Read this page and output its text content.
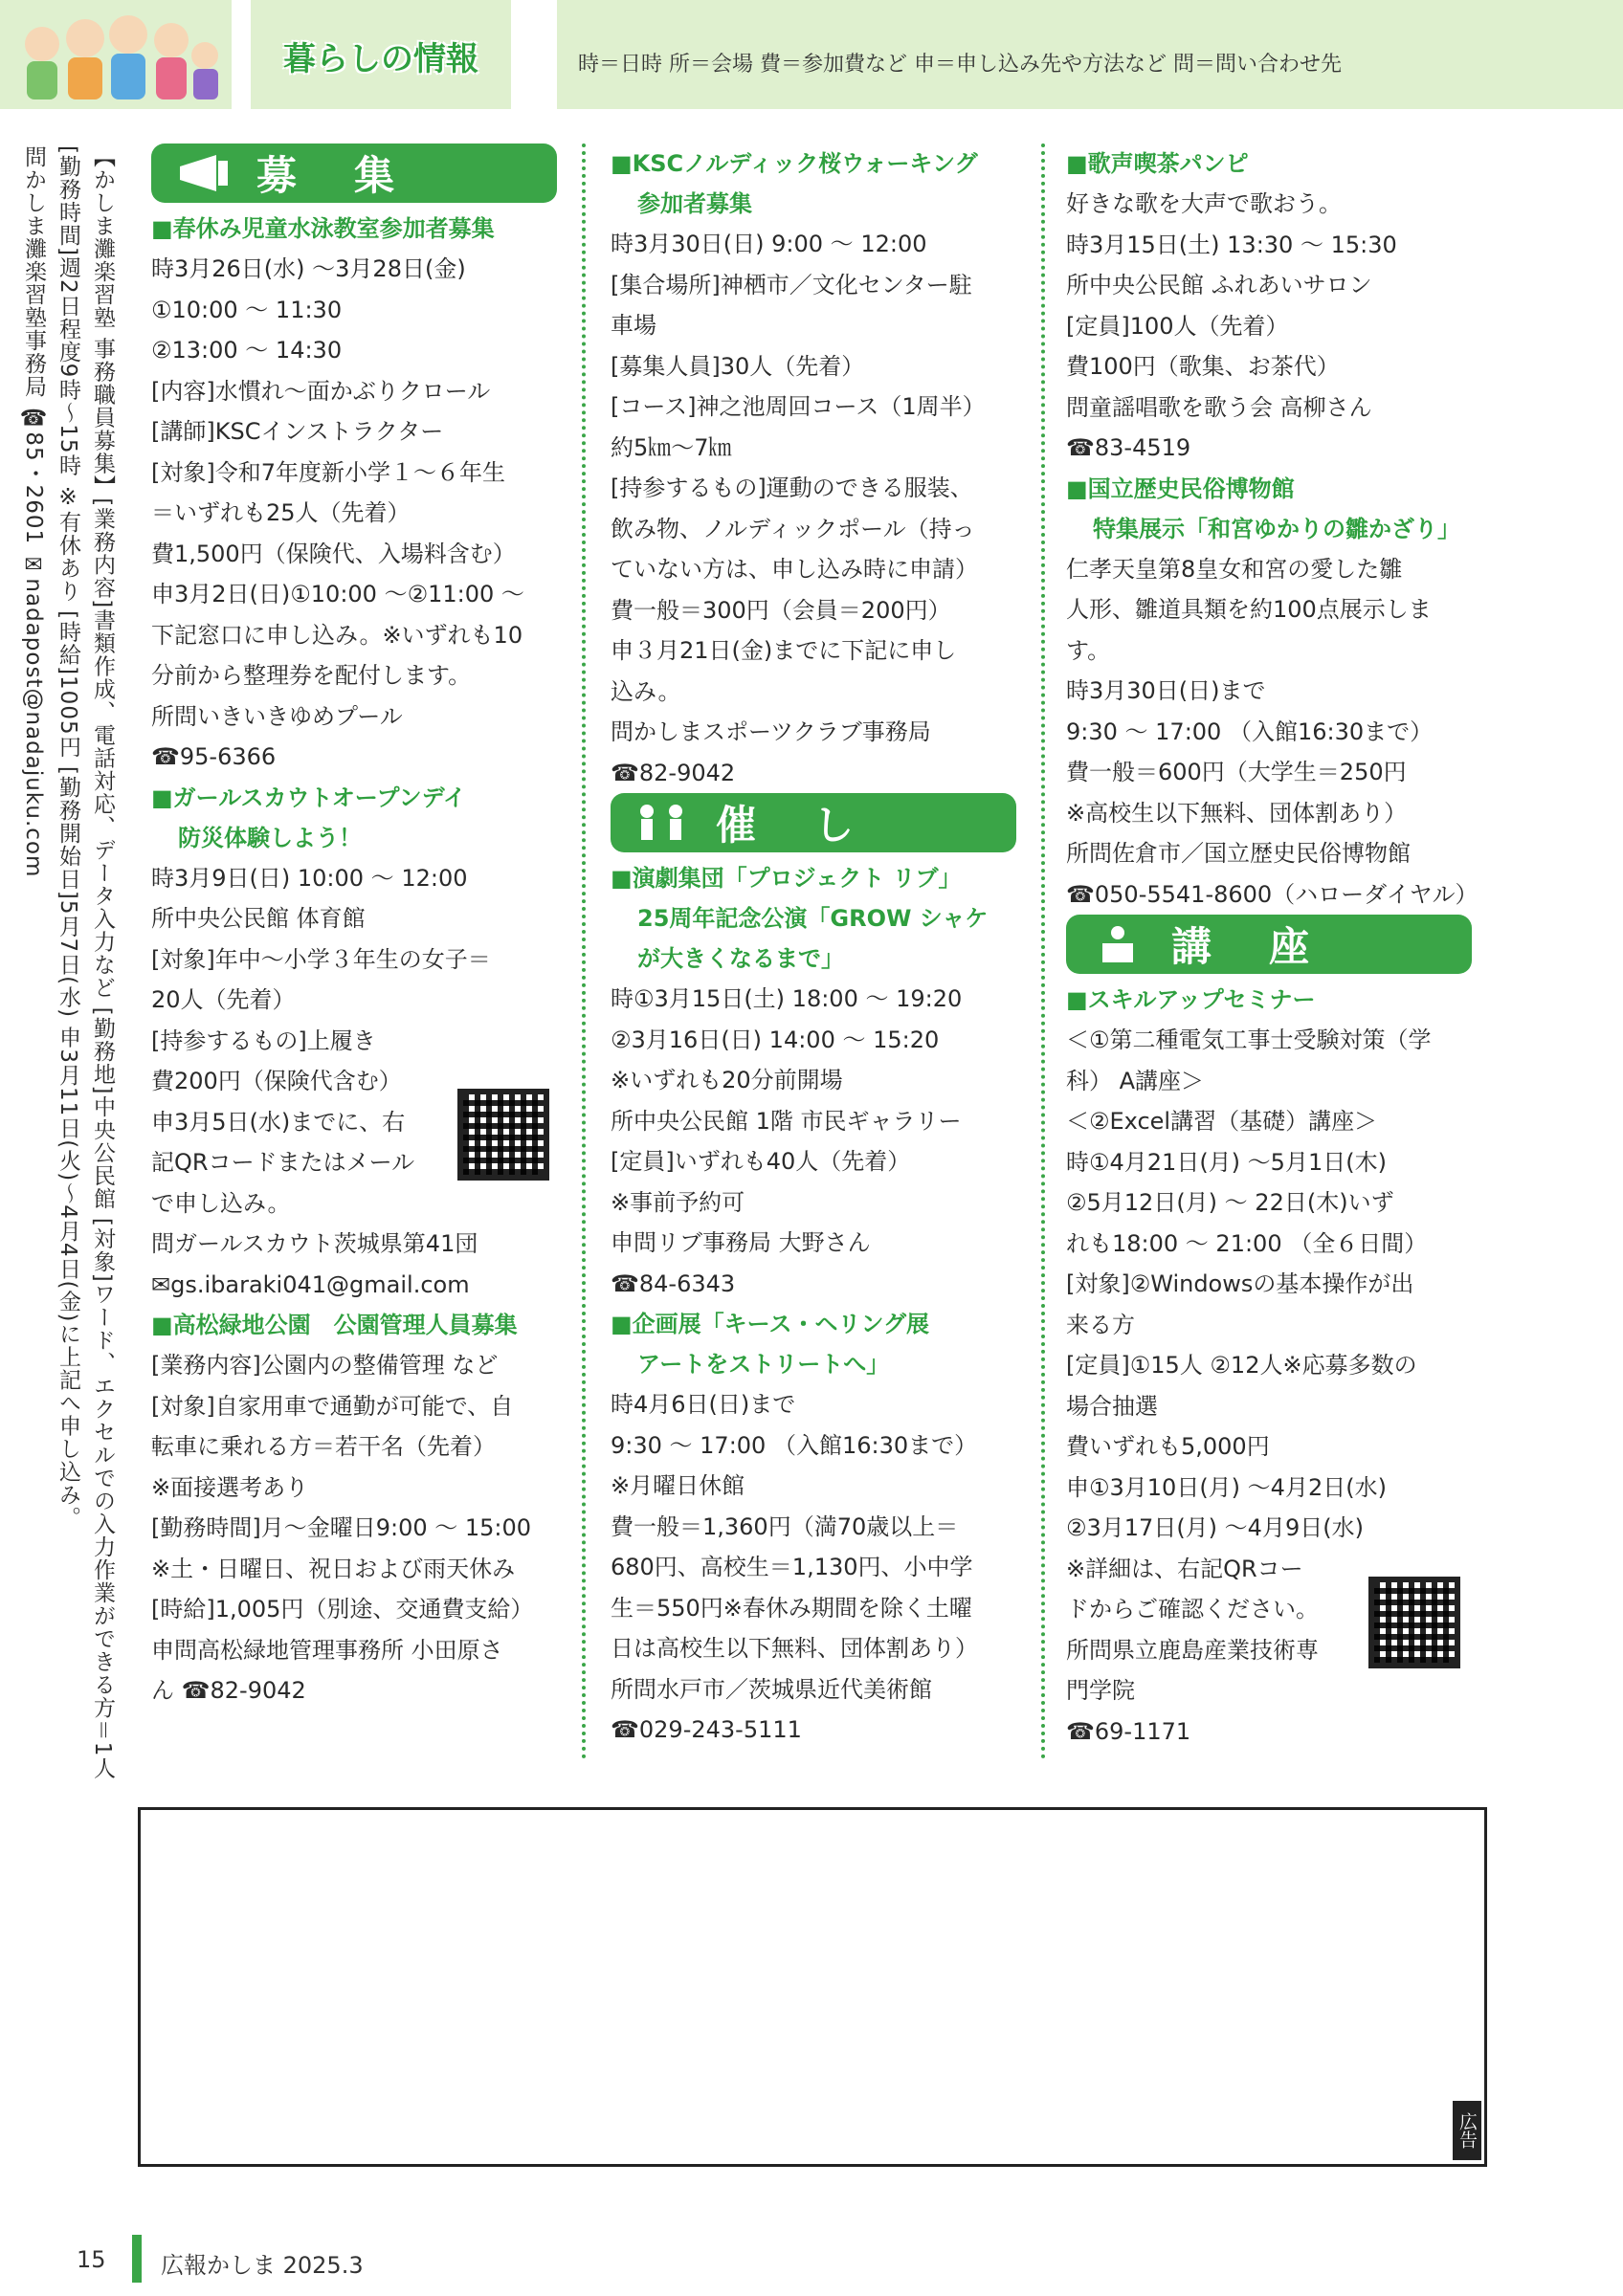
暮らしの情報	時＝日時 所＝会場 費＝参加費など 申＝申し込み先や方法など 問＝問い合わせ先
問かしま灘楽習塾事務局 ☎85・2601 ✉nadapost@nadajuku.com [勤務時間]週2日程度9時〜15時 ※有休あり [時給]1005円 [勤務開始日]5月7日(水) 申3月11日(火)〜4月4日(金)に上記へ申し込み。 【かしま灘楽習塾 事務職員募集】[業務内容]書類作成、電話対応、データ入力など [勤務地]中央公民館 [対象]ワード、エクセルでの入力作業ができる方＝1人	募集
■春休み児童水泳教室参加者募集

時3月26日(水) 〜3月28日(金)

①10:00 〜 11:30

②13:00 〜 14:30

[内容]水慣れ〜面かぶりクロール

[講師]KSCインストラクター

[対象]令和7年度新小学１〜６年生

＝いずれも25人（先着）

費1,500円（保険代、入場料含む）

申3月2日(日)①10:00 〜②11:00 〜

下記窓口に申し込み。※いずれも10

分前から整理券を配付します。

所問いきいきゆめプール

☎95-6366

■ガールスカウトオープンデイ
防災体験しよう！

時3月9日(日) 10:00 〜 12:00

所中央公民館 体育館

[対象]年中〜小学３年生の女子＝

20人（先着）

[持参するもの]上履き

費200円（保険代含む）

申3月5日(水)までに、右

記QRコードまたはメール

で申し込み。

問ガールスカウト茨城県第41団

✉gs.ibaraki041@gmail.com

■高松緑地公園　公園管理人員募集

[業務内容]公園内の整備管理 など

[対象]自家用車で通勤が可能で、自

転車に乗れる方＝若干名（先着）

※面接選考あり

[勤務時間]月〜金曜日9:00 〜 15:00

※土・日曜日、祝日および雨天休み

[時給]1,005円（別途、交通費支給）

申問高松緑地管理事務所 小田原さ

ん ☎82-9042

■KSCノルディック桜ウォーキング
参加者募集

時3月30日(日) 9:00 〜 12:00

[集合場所]神栖市／文化センター駐

車場

[募集人員]30人（先着）

[コース]神之池周回コース（1周半）

約5㎞〜7㎞

[持参するもの]運動のできる服装、

飲み物、ノルディックポール（持っ

ていない方は、申し込み時に申請）

費一般＝300円（会員＝200円）

申３月21日(金)までに下記に申し

込み。

問かしまスポーツクラブ事務局

☎82-9042

催し
■演劇集団「プロジェクト リブ」
25周年記念公演「GROW シャケ
が大きくなるまで」

時①3月15日(土) 18:00 〜 19:20

②3月16日(日) 14:00 〜 15:20

※いずれも20分前開場

所中央公民館 1階 市民ギャラリー

[定員]いずれも40人（先着）

※事前予約可

申問リブ事務局 大野さん

☎84-6343

■企画展「キース・ヘリング展
アートをストリートへ」

時4月6日(日)まで

9:30 〜 17:00 （入館16:30まで）

※月曜日休館

費一般＝1,360円（満70歳以上＝

680円、高校生＝1,130円、小中学

生＝550円※春休み期間を除く土曜

日は高校生以下無料、団体割あり）

所問水戸市／茨城県近代美術館

☎029-243-5111

■歌声喫茶パンピ

好きな歌を大声で歌おう。

時3月15日(土) 13:30 〜 15:30

所中央公民館 ふれあいサロン

[定員]100人（先着）

費100円（歌集、お茶代）

問童謡唱歌を歌う会 高柳さん

☎83-4519

■国立歴史民俗博物館
特集展示「和宮ゆかりの雛かざり」

仁孝天皇第8皇女和宮の愛した雛

人形、雛道具類を約100点展示しま

す。

時3月30日(日)まで

9:30 〜 17:00 （入館16:30まで）

費一般＝600円（大学生＝250円

※高校生以下無料、団体割あり）

所問佐倉市／国立歴史民俗博物館

☎050-5541-8600（ハローダイヤル）

講座
■スキルアップセミナー

＜①第二種電気工事士受験対策（学

科） A講座＞

＜②Excel講習（基礎）講座＞

時①4月21日(月) 〜5月1日(木)

②5月12日(月) 〜 22日(木)いず

れも18:00 〜 21:00 （全６日間）

[対象]②Windowsの基本操作が出

来る方

[定員]①15人 ②12人※応募多数の

場合抽選

費いずれも5,000円

申①3月10日(月) 〜4月2日(水)

②3月17日(月) 〜4月9日(水)

※詳細は、右記QRコー

ドからご確認ください。

所問県立鹿島産業技術専

門学院

☎69-1171

広告
15 広報かしま 2025.3
